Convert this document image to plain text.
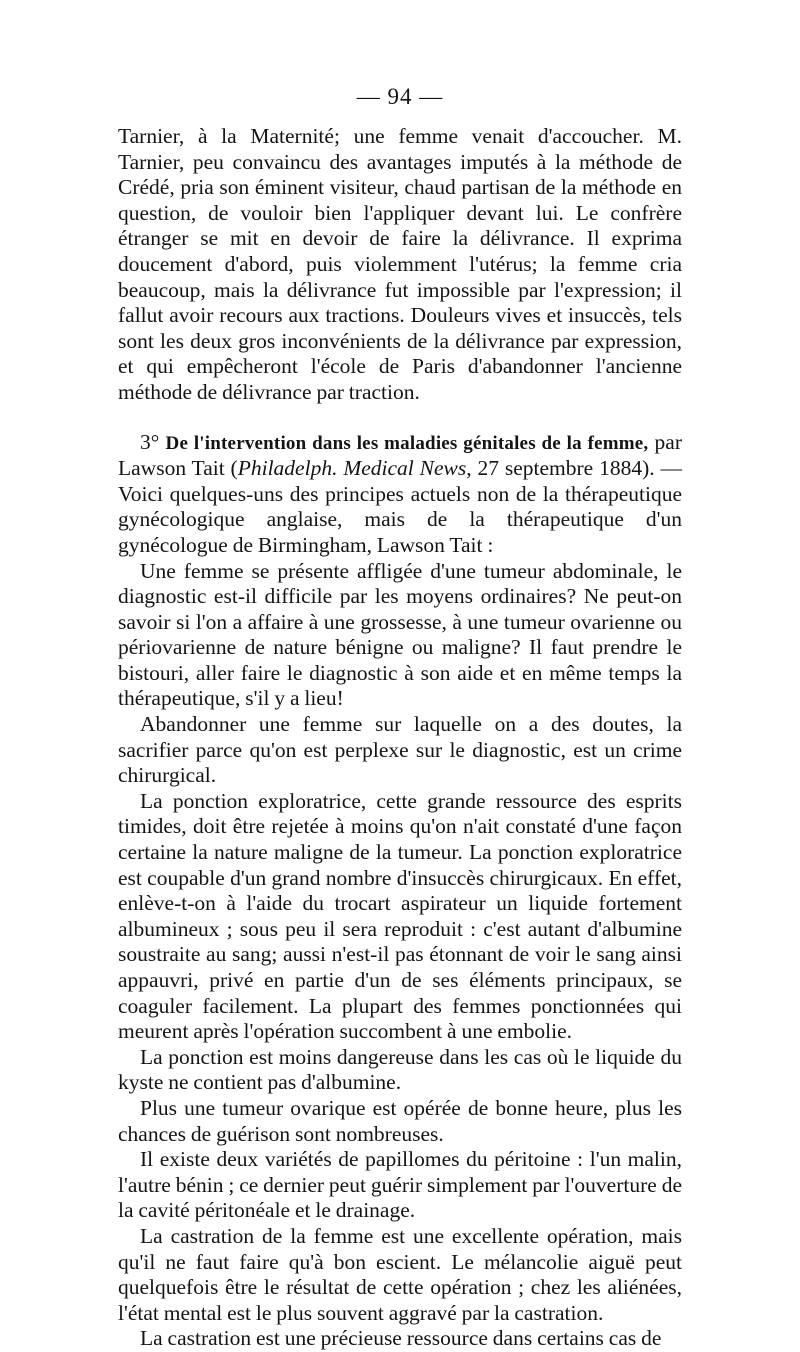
— 94 —

Tarnier, à la Maternité; une femme venait d'accoucher. M. Tarnier, peu convaincu des avantages imputés à la méthode de Crédé, pria son éminent visiteur, chaud partisan de la méthode en question, de vouloir bien l'appliquer devant lui. Le confrère étranger se mit en devoir de faire la délivrance. Il exprima doucement d'abord, puis violemment l'utérus; la femme cria beaucoup, mais la délivrance fut impossible par l'expression; il fallut avoir recours aux tractions. Douleurs vives et insuccès, tels sont les deux gros inconvénients de la délivrance par expression, et qui empêcheront l'école de Paris d'abandonner l'ancienne méthode de délivrance par traction.

3° De l'intervention dans les maladies génitales de la femme, par Lawson Tait (Philadelph. Medical News, 27 septembre 1884). — Voici quelques-uns des principes actuels non de la thérapeutique gynécologique anglaise, mais de la thérapeutique d'un gynécologue de Birmingham, Lawson Tait :

Une femme se présente affligée d'une tumeur abdominale, le diagnostic est-il difficile par les moyens ordinaires? Ne peut-on savoir si l'on a affaire à une grossesse, à une tumeur ovarienne ou périovarienne de nature bénigne ou maligne? Il faut prendre le bistouri, aller faire le diagnostic à son aide et en même temps la thérapeutique, s'il y a lieu!

Abandonner une femme sur laquelle on a des doutes, la sacrifier parce qu'on est perplexe sur le diagnostic, est un crime chirurgical.

La ponction exploratrice, cette grande ressource des esprits timides, doit être rejetée à moins qu'on n'ait constaté d'une façon certaine la nature maligne de la tumeur. La ponction exploratrice est coupable d'un grand nombre d'insuccès chirurgicaux. En effet, enlève-t-on à l'aide du trocart aspirateur un liquide fortement albumineux ; sous peu il sera reproduit : c'est autant d'albumine soustraite au sang; aussi n'est-il pas étonnant de voir le sang ainsi appauvri, privé en partie d'un de ses éléments principaux, se coaguler facilement. La plupart des femmes ponctionnées qui meurent après l'opération succombent à une embolie.

La ponction est moins dangereuse dans les cas où le liquide du kyste ne contient pas d'albumine.

Plus une tumeur ovarique est opérée de bonne heure, plus les chances de guérison sont nombreuses.

Il existe deux variétés de papillomes du péritoine : l'un malin, l'autre bénin ; ce dernier peut guérir simplement par l'ouverture de la cavité péritonéale et le drainage.

La castration de la femme est une excellente opération, mais qu'il ne faut faire qu'à bon escient. Le mélancolie aiguë peut quelquefois être le résultat de cette opération ; chez les aliénées, l'état mental est le plus souvent aggravé par la castration.

La castration est une précieuse ressource dans certains cas de
